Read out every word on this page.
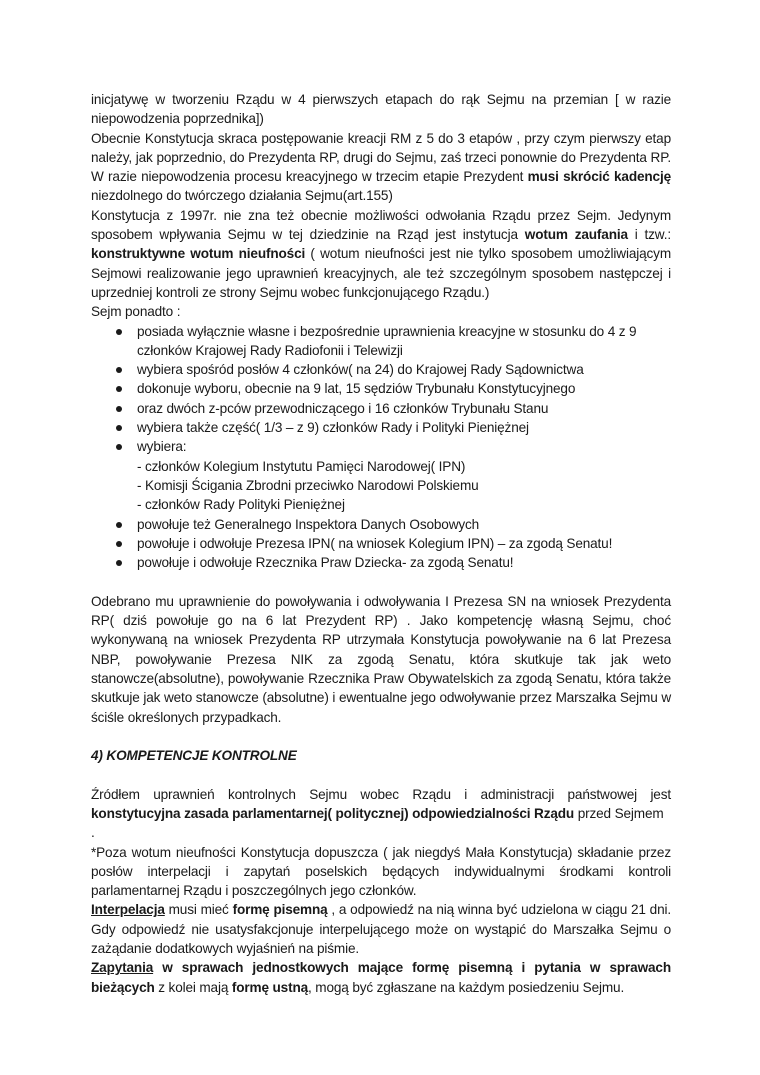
inicjatywę w tworzeniu Rządu w 4 pierwszych etapach do rąk Sejmu na przemian [ w razie niepowodzenia poprzednika])

Obecnie Konstytucja skraca postępowanie kreacji RM z 5 do 3 etapów , przy czym pierwszy etap należy, jak poprzednio, do Prezydenta RP, drugi do Sejmu, zaś trzeci ponownie do Prezydenta RP. W razie niepowodzenia procesu kreacyjnego w trzecim etapie Prezydent musi skrócić kadencję niezdolnego do twórczego działania Sejmu(art.155)

Konstytucja z 1997r. nie zna też obecnie możliwości odwołania Rządu przez Sejm. Jedynym sposobem wpływania Sejmu w tej dziedzinie na Rząd jest instytucja wotum zaufania i tzw.: konstruktywne wotum nieufności ( wotum nieufności jest nie tylko sposobem umożliwiającym Sejmowi realizowanie jego uprawnień kreacyjnych, ale też szczególnym sposobem następczej i uprzedniej kontroli ze strony Sejmu wobec funkcjonującego Rządu.)

Sejm ponadto :

posiada wyłącznie własne i bezpośrednie uprawnienia kreacyjne w stosunku do 4 z 9 członków Krajowej Rady Radiofonii i Telewizji
wybiera spośród posłów 4 członków( na 24) do Krajowej Rady Sądownictwa
dokonuje wyboru, obecnie na 9 lat, 15 sędziów Trybunału Konstytucyjnego
oraz dwóch z-pców przewodniczącego i 16 członków Trybunału Stanu
wybiera także część( 1/3 – z 9) członków Rady i Polityki Pieniężnej
wybiera:
- członków Kolegium Instytutu Pamięci Narodowej( IPN)
- Komisji Ścigania Zbrodni przeciwko Narodowi Polskiemu
- członków Rady Polityki Pieniężnej
powołuje też Generalnego Inspektora Danych Osobowych
powołuje i odwołuje Prezesa IPN( na wniosek Kolegium IPN) – za zgodą Senatu!
powołuje i odwołuje Rzecznika Praw Dziecka- za zgodą Senatu!

Odebrano mu uprawnienie do powoływania i odwoływania I Prezesa SN na wniosek Prezydenta RP( dziś powołuje go na 6 lat Prezydent RP) . Jako kompetencję własną Sejmu, choć wykonywaną na wniosek Prezydenta RP utrzymała Konstytucja powoływanie na 6 lat Prezesa NBP, powoływanie Prezesa NIK za zgodą Senatu, która skutkuje tak jak weto stanowcze(absolutne), powoływanie Rzecznika Praw Obywatelskich za zgodą Senatu, która także skutkuje jak weto stanowcze (absolutne) i ewentualne jego odwoływanie przez Marszałka Sejmu w ściśle określonych przypadkach.

4) KOMPETENCJE KONTROLNE

Źródłem uprawnień kontrolnych Sejmu wobec Rządu i administracji państwowej jest konstytucyjna zasada parlamentarnej( politycznej) odpowiedzialności Rządu przed Sejmem

.

*Poza wotum nieufności Konstytucja dopuszcza ( jak niegdyś Mała Konstytucja) składanie przez posłów interpelacji i zapytań poselskich będących indywidualnymi środkami kontroli parlamentarnej Rządu i poszczególnych jego członków.

Interpelacja musi mieć formę pisemną , a odpowiedź na nią winna być udzielona w ciągu 21 dni. Gdy odpowiedź nie usatysfakcjonuje interpelującego może on wystąpić do Marszałka Sejmu o zażądanie dodatkowych wyjaśnień na piśmie.

Zapytania w sprawach jednostkowych mające formę pisemną i pytania w sprawach bieżących z kolei mają formę ustną, mogą być zgłaszane na każdym posiedzeniu Sejmu.
